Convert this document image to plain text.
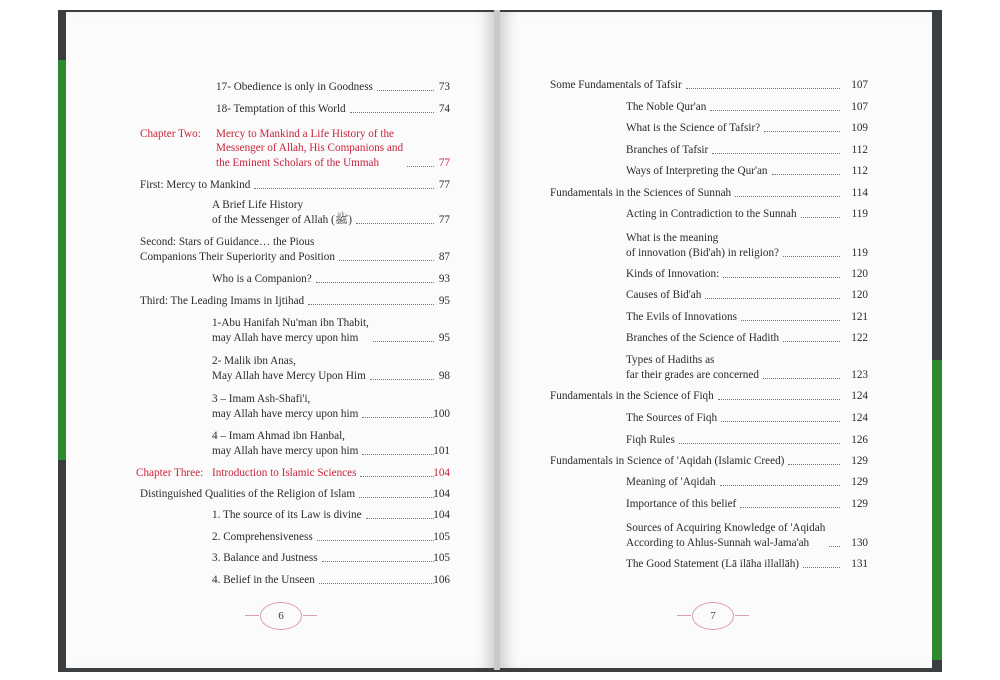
17- Obedience is only in Goodness	73
18- Temptation of this World	74
Chapter Two: Mercy to Mankind a Life History of the
Messenger of Allah, His Companions and
the Eminent Scholars of the Ummah	77
First: Mercy to Mankind	77
A Brief Life History
of the Messenger of Allah (ﷺ)	77
Second: Stars of Guidance… the Pious
Companions Their Superiority and Position	87
Who is a Companion?	93
Third: The Leading Imams in Ijtihad	95
1-Abu Hanifah Nu'man ibn Thabit,
may Allah have mercy upon him	95
2- Malik ibn Anas,
May Allah have Mercy Upon Him	98
3 – Imam Ash-Shafi'i,
may Allah have mercy upon him	100
4 – Imam Ahmad ibn Hanbal,
may Allah have mercy upon him	101
Chapter Three: Introduction to Islamic Sciences	104
Distinguished Qualities of the Religion of Islam	104
1. The source of its Law is divine	104
2. Comprehensiveness	105
3. Balance and Justness	105
4. Belief in the Unseen	106
6
Some Fundamentals of Tafsir	107
The Noble Qur'an	107
What is the Science of Tafsir?	109
Branches of Tafsir	112
Ways of Interpreting the Qur'an	112
Fundamentals in the Sciences of Sunnah	114
Acting in Contradiction to the Sunnah	119
What is the meaning
of innovation (Bid'ah) in religion?	119
Kinds of Innovation:	120
Causes of Bid'ah	120
The Evils of Innovations	121
Branches of the Science of Hadith	122
Types of Hadiths as
far their grades are concerned	123
Fundamentals in the Science of Fiqh	124
The Sources of Fiqh	124
Fiqh Rules	126
Fundamentals in Science of 'Aqidah (Islamic Creed)	129
Meaning of 'Aqidah	129
Importance of this belief	129
Sources of Acquiring Knowledge of 'Aqidah
According to Ahlus-Sunnah wal-Jama'ah	130
The Good Statement (Lā ilāha illallāh)	131
7
